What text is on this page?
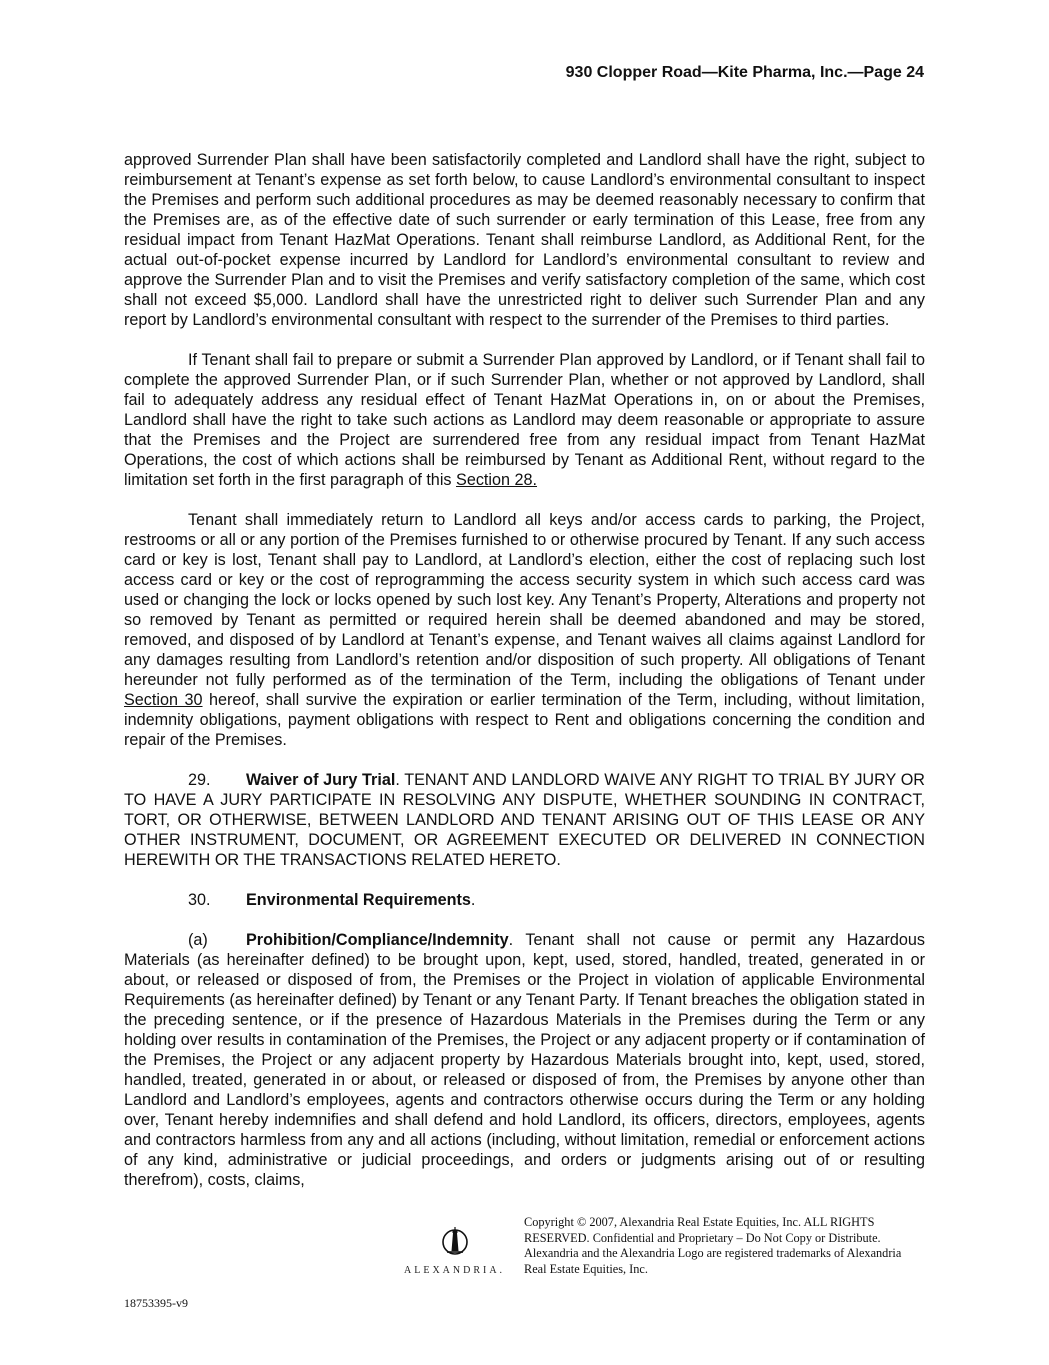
930 Clopper Road—Kite Pharma, Inc.—Page 24

approved Surrender Plan shall have been satisfactorily completed and Landlord shall have the right, subject to reimbursement at Tenant’s expense as set forth below, to cause Landlord’s environmental consultant to inspect the Premises and perform such additional procedures as may be deemed reasonably necessary to confirm that the Premises are, as of the effective date of such surrender or early termination of this Lease, free from any residual impact from Tenant HazMat Operations. Tenant shall reimburse Landlord, as Additional Rent, for the actual out-of-pocket expense incurred by Landlord for Landlord’s environmental consultant to review and approve the Surrender Plan and to visit the Premises and verify satisfactory completion of the same, which cost shall not exceed $5,000. Landlord shall have the unrestricted right to deliver such Surrender Plan and any report by Landlord’s environmental consultant with respect to the surrender of the Premises to third parties.

If Tenant shall fail to prepare or submit a Surrender Plan approved by Landlord, or if Tenant shall fail to complete the approved Surrender Plan, or if such Surrender Plan, whether or not approved by Landlord, shall fail to adequately address any residual effect of Tenant HazMat Operations in, on or about the Premises, Landlord shall have the right to take such actions as Landlord may deem reasonable or appropriate to assure that the Premises and the Project are surrendered free from any residual impact from Tenant HazMat Operations, the cost of which actions shall be reimbursed by Tenant as Additional Rent, without regard to the limitation set forth in the first paragraph of this Section 28.

Tenant shall immediately return to Landlord all keys and/or access cards to parking, the Project, restrooms or all or any portion of the Premises furnished to or otherwise procured by Tenant. If any such access card or key is lost, Tenant shall pay to Landlord, at Landlord’s election, either the cost of replacing such lost access card or key or the cost of reprogramming the access security system in which such access card was used or changing the lock or locks opened by such lost key. Any Tenant’s Property, Alterations and property not so removed by Tenant as permitted or required herein shall be deemed abandoned and may be stored, removed, and disposed of by Landlord at Tenant’s expense, and Tenant waives all claims against Landlord for any damages resulting from Landlord’s retention and/or disposition of such property. All obligations of Tenant hereunder not fully performed as of the termination of the Term, including the obligations of Tenant under Section 30 hereof, shall survive the expiration or earlier termination of the Term, including, without limitation, indemnity obligations, payment obligations with respect to Rent and obligations concerning the condition and repair of the Premises.

29. Waiver of Jury Trial. TENANT AND LANDLORD WAIVE ANY RIGHT TO TRIAL BY JURY OR TO HAVE A JURY PARTICIPATE IN RESOLVING ANY DISPUTE, WHETHER SOUNDING IN CONTRACT, TORT, OR OTHERWISE, BETWEEN LANDLORD AND TENANT ARISING OUT OF THIS LEASE OR ANY OTHER INSTRUMENT, DOCUMENT, OR AGREEMENT EXECUTED OR DELIVERED IN CONNECTION HEREWITH OR THE TRANSACTIONS RELATED HERETO.

30. Environmental Requirements.

(a) Prohibition/Compliance/Indemnity. Tenant shall not cause or permit any Hazardous Materials (as hereinafter defined) to be brought upon, kept, used, stored, handled, treated, generated in or about, or released or disposed of from, the Premises or the Project in violation of applicable Environmental Requirements (as hereinafter defined) by Tenant or any Tenant Party. If Tenant breaches the obligation stated in the preceding sentence, or if the presence of Hazardous Materials in the Premises during the Term or any holding over results in contamination of the Premises, the Project or any adjacent property or if contamination of the Premises, the Project or any adjacent property by Hazardous Materials brought into, kept, used, stored, handled, treated, generated in or about, or released or disposed of from, the Premises by anyone other than Landlord and Landlord’s employees, agents and contractors otherwise occurs during the Term or any holding over, Tenant hereby indemnifies and shall defend and hold Landlord, its officers, directors, employees, agents and contractors harmless from any and all actions (including, without limitation, remedial or enforcement actions of any kind, administrative or judicial proceedings, and orders or judgments arising out of or resulting therefrom), costs, claims,

ALEXANDRIA.
Copyright © 2007, Alexandria Real Estate Equities, Inc. ALL RIGHTS RESERVED. Confidential and Proprietary – Do Not Copy or Distribute. Alexandria and the Alexandria Logo are registered trademarks of Alexandria Real Estate Equities, Inc.
18753395-v9
